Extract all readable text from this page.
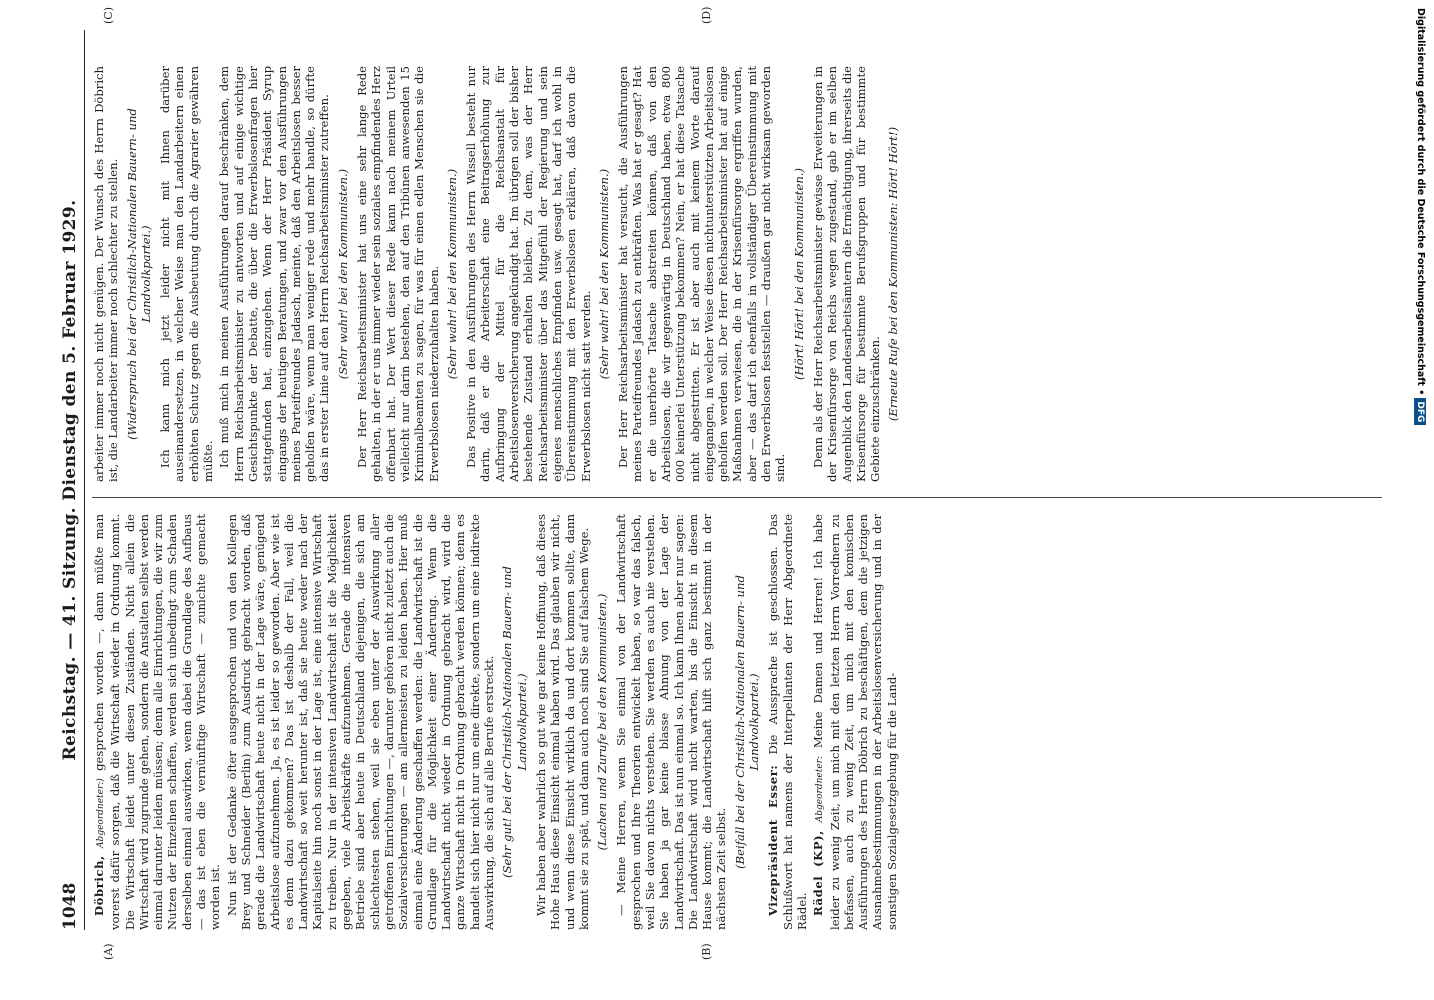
1048
Reichstag. — 41. Sitzung. Dienstag den 5. Februar 1929.
(A)	(B)
(C)	(D)

Döbrich, Abgeordneter:) gesprochen worden —, dann müßte man vorerst dafür sorgen, daß die Wirtschaft wieder in Ordnung kommt. Die Wirtschaft leidet unter diesen Zuständen. Nicht allein die Wirtschaft wird zugrunde gehen, sondern die Anstalten selbst werden einmal darunter leiden müssen; denn alle Einrichtungen, die wir zum Nutzen der Einzelnen schaffen, werden sich unbedingt zum Schaden derselben einmal auswirken, wenn dabei die Grundlage des Aufbaus — das ist eben die vernünftige Wirtschaft — zunichte gemacht worden ist. Nun ist der Gedanke öfter ausgesprochen und von den Kollegen Brey und Schneider (Berlin) zum Ausdruck gebracht worden, daß gerade die Landwirtschaft heute nicht in der Lage wäre, genügend Arbeitslose aufzunehmen. Ja, es ist leider so geworden. Aber wie ist es denn dazu gekommen? Das ist deshalb der Fall, weil die Landwirtschaft so weit herunter ist, daß sie heute weder nach der Kapitalseite hin noch sonst in der Lage ist, eine intensive Wirtschaft zu treiben. Nur in der intensiven Landwirtschaft ist die Möglichkeit gegeben, viele Arbeitskräfte aufzunehmen. Gerade die intensiven Betriebe sind aber heute in Deutschland diejenigen, die sich am schlechtesten stehen, weil sie eben unter der Auswirkung aller getroffenen Einrichtungen —, darunter gehören nicht zuletzt auch die Sozialversicherungen — am allermeisten zu leiden haben. Hier muß einmal eine Änderung geschaffen werden: die Landwirtschaft ist die Grundlage für die Möglichkeit einer Änderung. Wenn die Landwirtschaft nicht wieder in Ordnung gebracht wird, wird die ganze Wirtschaft nicht in Ordnung gebracht werden können; denn es handelt sich hier nicht nur um eine direkte, sondern um eine indirekte Auswirkung, die sich auf alle Berufe erstreckt. (Sehr gut! bei der Christlich-Nationalen Bauern- und Landvolkpartei.) Wir haben aber wahrlich so gut wie gar keine Hoffnung, daß dieses Hohe Haus diese Einsicht einmal haben wird. Das glauben wir nicht, und wenn diese Einsicht wirklich da und dort kommen sollte, dann kommt sie zu spät, und dann auch noch sind Sie auf falschem Wege. (Lachen und Zurufe bei den Kommunisten.) — Meine Herren, wenn Sie einmal von der Landwirtschaft gesprochen und Ihre Theorien entwickelt haben, so war das falsch, weil Sie davon nichts verstehen. Sie werden es auch nie verstehen. Sie haben ja gar keine blasse Ahnung von der Lage der Landwirtschaft. Das ist nun einmal so. Ich kann Ihnen aber nur sagen: Die Landwirtschaft wird nicht warten, bis die Einsicht in diesem Hause kommt; die Landwirtschaft hilft sich ganz bestimmt in der nächsten Zeit selbst. (Beifall bei der Christlich-Nationalen Bauern- und Landvolkpartei.)

Vizepräsident Esser: Die Aussprache ist geschlossen. Das Schlußwort hat namens der Interpellanten der Herr Abgeordnete Rädel. Rädel (KP), Abgeordneter: Meine Damen und Herren! Ich habe leider zu wenig Zeit, um mich mit den letzten Herrn Vorrednern zu befassen, auch zu wenig Zeit, um mich mit den komischen Ausführungen des Herrn Döbrich zu beschäftigen, dem die jetzigen Ausnahmebestimmungen in der Arbeitslosenversicherung und in der sonstigen Sozialgesetzgebung für die Land-

arbeiter immer noch nicht genügen. Der Wunsch des Herrn Döbrich ist, die Landarbeiter immer noch schlechter zu stellen. (Widerspruch bei der Christlich-Nationalen Bauern- und Landvolkpartei.) Ich kann mich jetzt leider nicht mit Ihnen darüber auseinandersetzen, in welcher Weise man den Landarbeitern einen erhöhten Schutz gegen die Ausbeutung durch die Agrarier gewähren müßte. Ich muß mich in meinen Ausführungen darauf beschränken, dem Herrn Reichsarbeitsminister zu antworten und auf einige wichtige Gesichtspunkte der Debatte, die über die Erwerbslosenfragen hier stattgefunden hat, einzugehen. Wenn der Herr Präsident Syrup eingangs der heutigen Beratungen, und zwar vor den Ausführungen meines Parteifreundes Jadasch, meinte, daß den Arbeitslosen besser geholfen wäre, wenn man weniger rede und mehr handle, so dürfte das in erster Linie auf den Herrn Reichsarbeitsminister zutreffen. (Sehr wahr! bei den Kommunisten.) Der Herr Reichsarbeitsminister hat uns eine sehr lange Rede gehalten, in der er uns immer wieder sein soziales empfindendes Herz offenbart hat. Der Wert dieser Rede kann nach meinem Urteil vielleicht nur darin bestehen, den auf den Tribünen anwesenden 15 Kriminalbeamten zu sagen, für was für einen edlen Menschen sie die Erwerbslosen niederzuhalten haben. (Sehr wahr! bei den Kommunisten.) Das Positive in den Ausführungen des Herrn Wissell besteht nur darin, daß er die Arbeiterschaft eine Beitragserhöhung zur Aufbringung der Mittel für die Reichsanstalt für Arbeitslosenversicherung angekündigt hat. Im übrigen soll der bisher bestehende Zustand erhalten bleiben. Zu dem, was der Herr Reichsarbeitsminister über das Mitgefühl der Regierung und sein eigenes menschliches Empfinden usw. gesagt hat, darf ich wohl in Übereinstimmung mit den Erwerbslosen erklären, daß davon die Erwerbslosen nicht satt werden.

(Sehr wahr! bei den Kommunisten.) Der Herr Reichsarbeitsminister hat versucht, die Ausführungen meines Parteifreundes Jadasch zu entkräften. Was hat er gesagt? Hat er die unerhörte Tatsache abstreiten können, daß von den Arbeitslosen, die wir gegenwärtig in Deutschland haben, etwa 800 000 keinerlei Unterstützung bekommen? Nein, er hat diese Tatsache nicht abgestritten. Er ist aber auch mit keinem Worte darauf eingegangen, in welcher Weise diesen nichtunterstützten Arbeitslosen geholfen werden soll. Der Herr Reichsarbeitsminister hat auf einige Maßnahmen verwiesen, die in der Krisenfürsorge ergriffen wurden, aber — das darf ich ebenfalls in vollständiger Übereinstimmung mit den Erwerbslosen feststellen — draußen gar nicht wirksam geworden sind.

(Hört! Hört! bei den Kommunisten.) Denn als der Herr Reichsarbeitsminister gewisse Erweiterungen in der Krisenfürsorge von Reichs wegen zugestand, gab er im selben Augenblick den Landesarbeitsämtern die Ermächtigung, ihrerseits die Krisenfürsorge für bestimmte Berufsgruppen und für bestimmte Gebiete einzuschränken. (Erneute Rufe bei den Kommunisten: Hört! Hört!)	Digitalisierung gefördert durch die Deutsche Forschungsgemeinschaft •DFG
